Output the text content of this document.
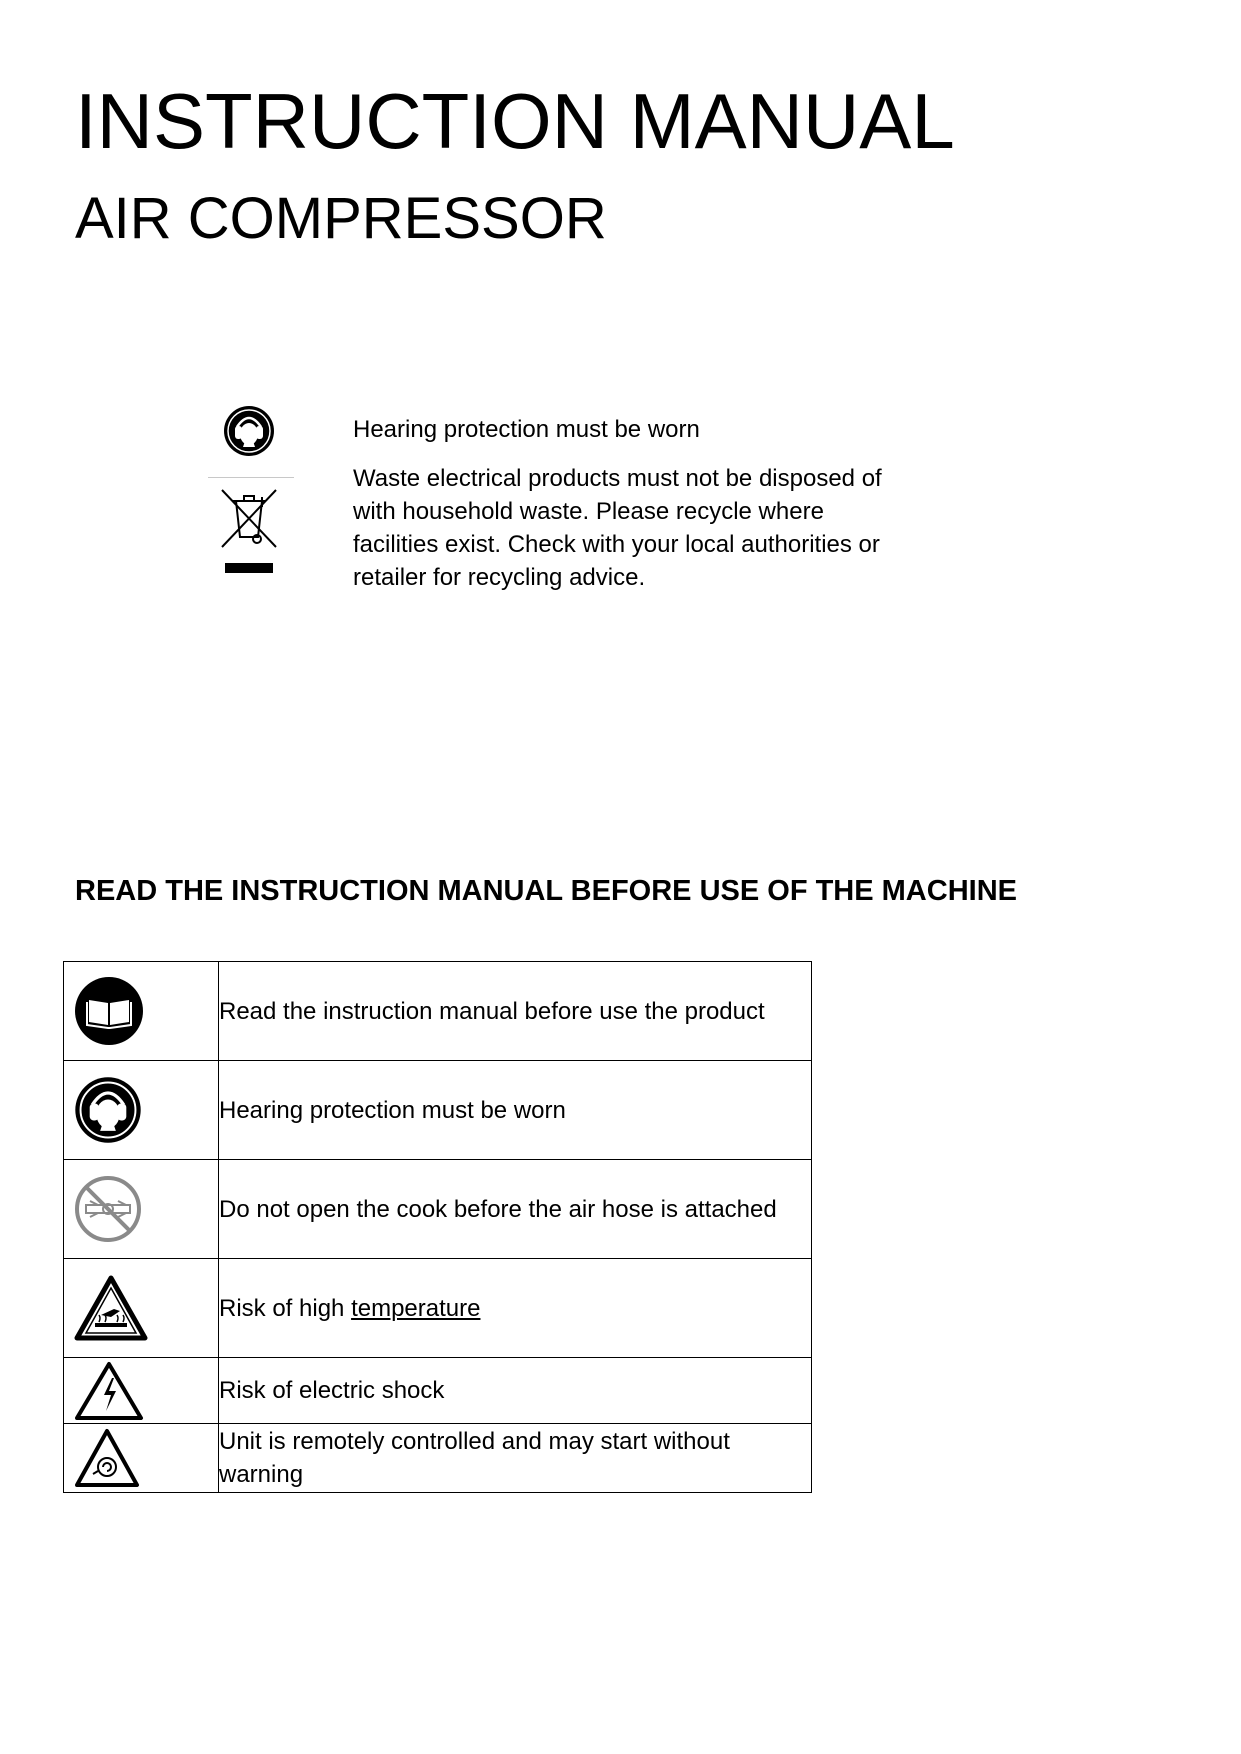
INSTRUCTION MANUAL
AIR COMPRESSOR

Hearing protection must be worn

Waste electrical products must not be disposed of with household waste. Please recycle where facilities exist. Check with your local authorities or retailer for recycling advice.

READ THE INSTRUCTION MANUAL BEFORE USE OF THE MACHINE
	Read the instruction manual before use the product

	Hearing protection must be worn

	Do not open the cook before the air hose is attached

	Risk of high temperature

	Risk of electric shock

	Unit is remotely controlled and may start without warning
